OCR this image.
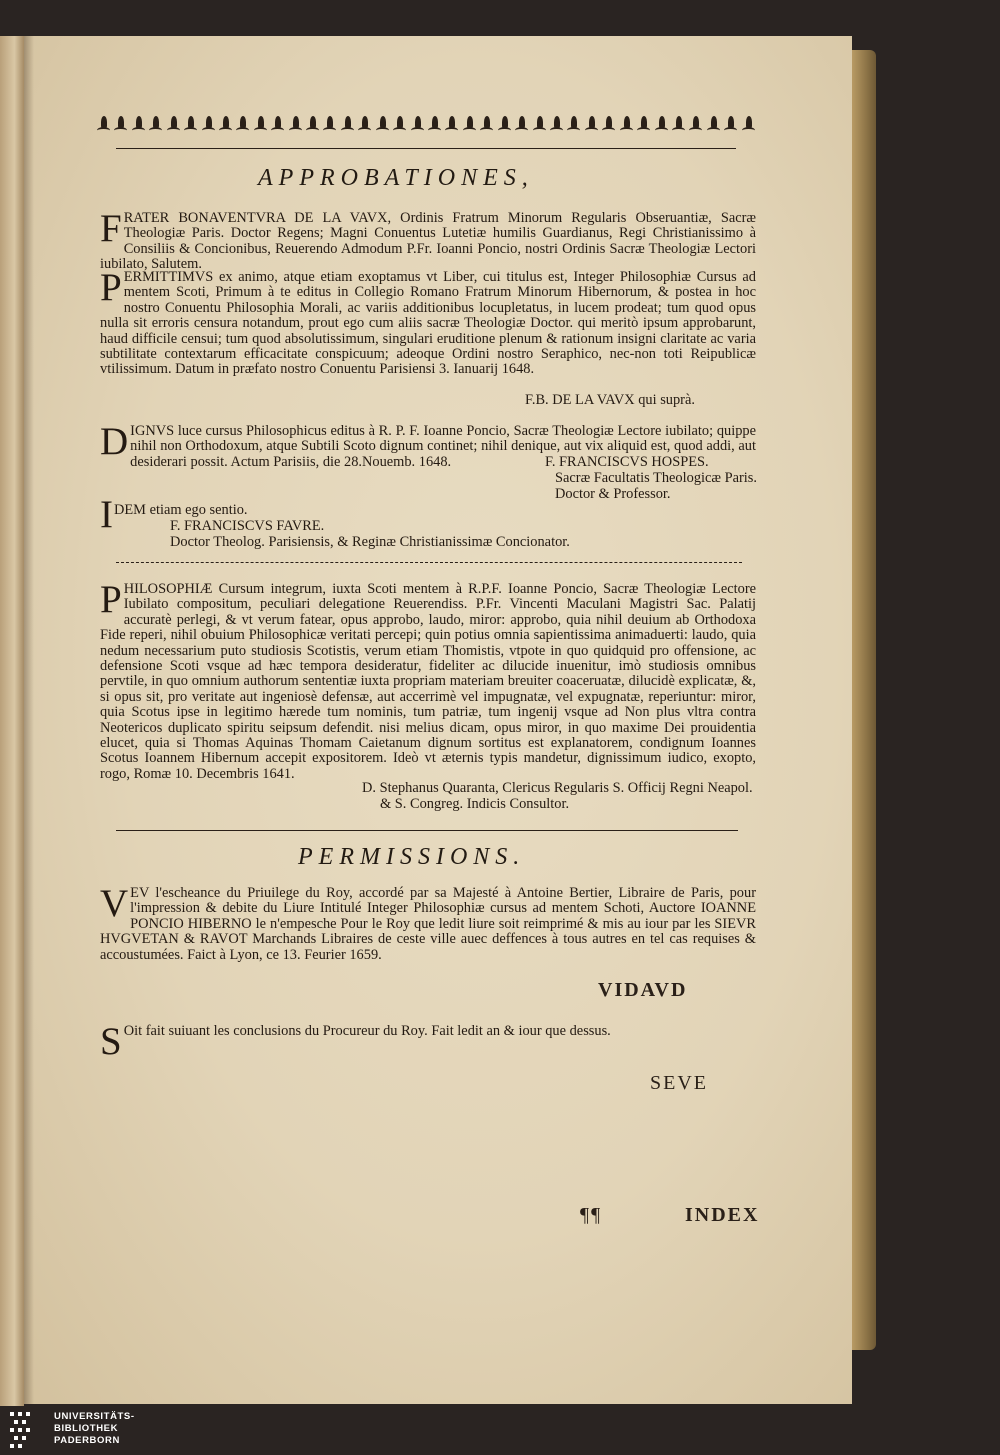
APPROBATIONES,
FRATER BONAVENTVRA DE LA VAVX, Ordinis Fratrum Minorum Regularis Obseruantiæ, Sacræ Theologiæ Paris. Doctor Regens; Magni Conuentus Lutetiæ humilis Guardianus, Regi Christianissimo à Consiliis & Concionibus, Reuerendo Admodum P.Fr. Ioanni Poncio, nostri Ordinis Sacræ Theologiæ Lectori iubilato, Salutem.
PERMITTIMVS ex animo, atque etiam exoptamus vt Liber, cui titulus est, Integer Philosophiæ Cursus ad mentem Scoti, Primum à te editus in Collegio Romano Fratrum Minorum Hibernorum, & postea in hoc nostro Conuentu Philosophia Morali, ac variis additionibus locupletatus, in lucem prodeat; tum quod opus nulla sit erroris censura notandum, prout ego cum aliis sacræ Theologiæ Doctor. qui meritò ipsum approbarunt, haud difficile censui; tum quod absolutissimum, singulari eruditione plenum & rationum insigni claritate ac varia subtilitate contextarum efficacitate conspicuum; adeoque Ordini nostro Seraphico, nec-non toti Reipublicæ vtilissimum. Datum in præfato nostro Conuentu Parisiensi 3. Ianuarij 1648.
F.B. DE LA VAVX qui suprà.
DIGNVS luce cursus Philosophicus editus à R. P. F. Ioanne Poncio, Sacræ Theologiæ Lectore iubilato; quippe nihil non Orthodoxum, atque Subtili Scoto dignum continet; nihil denique, aut vix aliquid est, quod addi, aut desiderari possit. Actum Parisiis, die 28.Nouemb. 1648.	F. FRANCISCVS HOSPES.
Sacræ Facultatis Theologicæ Paris.
Doctor & Professor.
I DEM etiam ego sentio.
F. FRANCISCVS FAVRE.
Doctor Theolog. Parisiensis, & Reginæ Christianissimæ Concionator.
PHILOSOPHIÆ Cursum integrum, iuxta Scoti mentem à R.P.F. Ioanne Poncio, Sacræ Theologiæ Lectore Iubilato compositum, peculiari delegatione Reuerendiss. P.Fr. Vincenti Maculani Magistri Sac. Palatij accuratè perlegi, & vt verum fatear, opus approbo, laudo, miror: approbo, quia nihil deuium ab Orthodoxa Fide reperi, nihil obuium Philosophicæ veritati percepi; quin potius omnia sapientissima animaduerti: laudo, quia nedum necessarium puto studiosis Scotistis, verum etiam Thomistis, vtpote in quo quidquid pro offensione, ac defensione Scoti vsque ad hæc tempora desideratur, fideliter ac dilucide inuenitur, imò studiosis omnibus pervtile, in quo omnium authorum sententiæ iuxta propriam materiam breuiter coaceruatæ, dilucidè explicatæ, &, si opus sit, pro veritate aut ingeniosè defensæ, aut accerrimè vel impugnatæ, vel expugnatæ, reperiuntur: miror, quia Scotus ipse in legitimo hærede tum nominis, tum patriæ, tum ingenij vsque ad Non plus vltra contra Neotericos duplicato spiritu seipsum defendit. nisi melius dicam, opus miror, in quo maxime Dei prouidentia elucet, quia si Thomas Aquinas Thomam Caietanum dignum sortitus est explanatorem, condignum Ioannes Scotus Ioannem Hibernum accepit expositorem. Ideò vt æternis typis mandetur, dignissimum iudico, exopto, rogo, Romæ 10. Decembris 1641.
D. Stephanus Quaranta, Clericus Regularis S. Officij Regni Neapol.
& S. Congreg. Indicis Consultor.
PERMISSIONS.
VEV l'escheance du Priuilege du Roy, accordé par sa Majesté à Antoine Bertier, Libraire de Paris, pour l'impression & debite du Liure Intitulé Integer Philosophiæ cursus ad mentem Schoti, Auctore IOANNE PONCIO HIBERNO le n'empesche Pour le Roy que ledit liure soit reimprimé & mis au iour par les SIEVR HVGVETAN & RAVOT Marchands Libraires de ceste ville auec deffences à tous autres en tel cas requises & accoustumées. Faict à Lyon, ce 13. Feurier 1659.
VIDAVD
S Oit fait suiuant les conclusions du Procureur du Roy. Fait ledit an & iour que dessus.
SEVE
¶¶	INDEX
UNIVERSITÄTS-
BIBLIOTHEK
PADERBORN
